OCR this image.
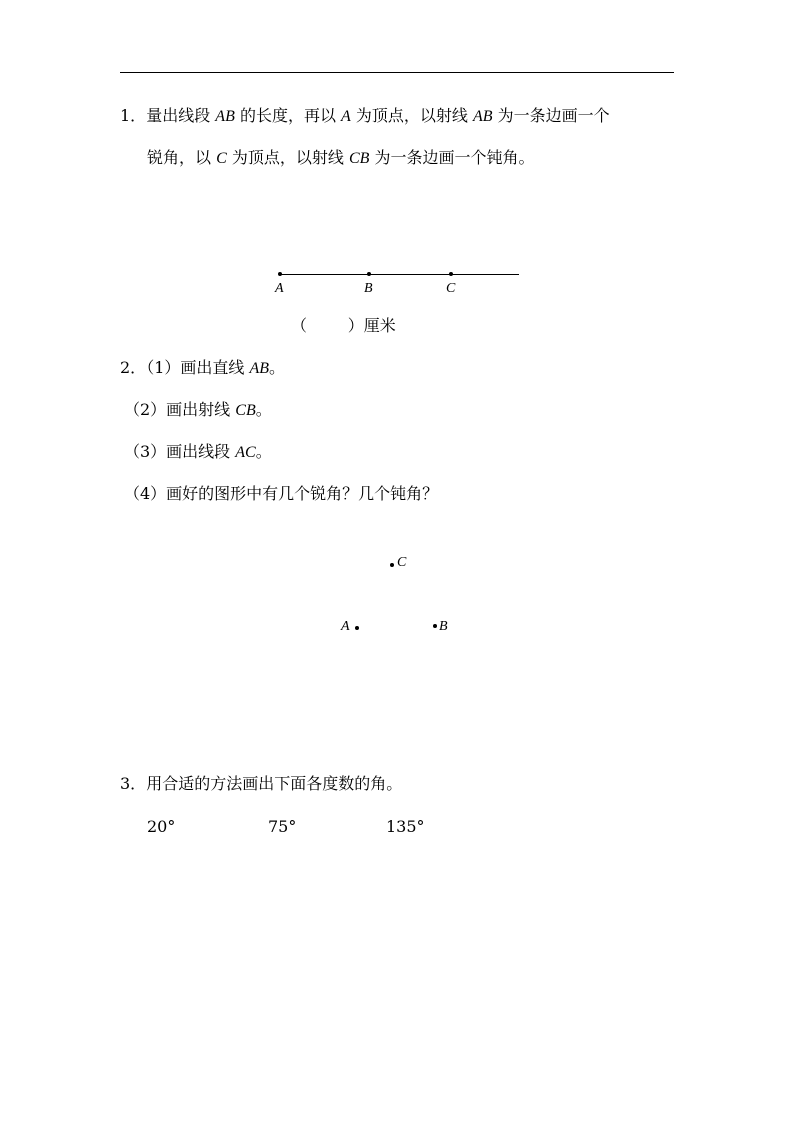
1．量出线段 AB 的长度，再以 A 为顶点，以射线 AB 为一条边画一个
锐角，以 C 为顶点，以射线 CB 为一条边画一个钝角。
A	B	C
（        ）厘米
2．（1）画出直线 AB。
（2）画出射线 CB。
（3）画出线段 AC。
（4）画好的图形中有几个锐角？几个钝角？
C
A	B
3．用合适的方法画出下面各度数的角。
20°	75°	135°
